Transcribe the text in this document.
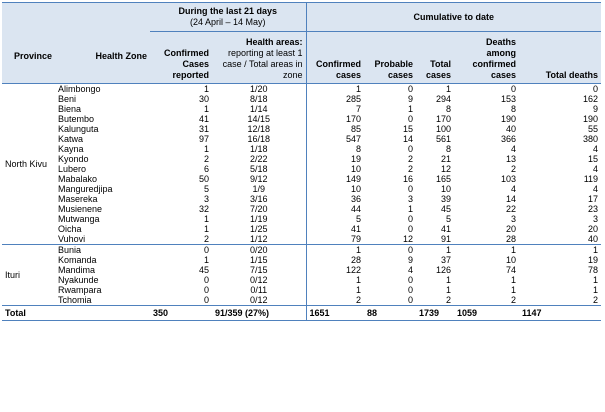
		During the last 21 days
(24 April – 14 May)		Cumulative to date				
Province	Health Zone	Confirmed Cases reported	Health areas:
reporting at least 1 case / Total areas in zone	Confirmed cases	Probable cases	Total cases	Deaths among confirmed cases	Total deaths
North Kivu	Alimbongo	1	1/20	1	0	1	0	0
	Beni	30	8/18	285	9	294	153	162
	Biena	1	1/14	7	1	8	8	9
	Butembo	41	14/15	170	0	170	190	190
	Kalunguta	31	12/18	85	15	100	40	55
	Katwa	97	16/18	547	14	561	366	380
	Kayna	1	1/18	8	0	8	4	4
	Kyondo	2	2/22	19	2	21	13	15
	Lubero	6	5/18	10	2	12	2	4
	Mabalako	50	9/12	149	16	165	103	119
	Manguredjipa	5	1/9	10	0	10	4	4
	Masereka	3	3/16	36	3	39	14	17
	Musienene	32	7/20	44	1	45	22	23
	Mutwanga	1	1/19	5	0	5	3	3
	Oicha	1	1/25	41	0	41	20	20
	Vuhovi	2	1/12	79	12	91	28	40
Ituri	Bunia	0	0/20	1	0	1	1	1
	Komanda	1	1/15	28	9	37	10	19
	Mandima	45	7/15	122	4	126	74	78
	Nyakunde	0	0/12	1	0	1	1	1
	Rwampara	0	0/11	1	0	1	1	1
	Tchomia	0	0/12	2	0	2	2	2
Total		350	91/359 (27%)	1651	88	1739	1059	1147
